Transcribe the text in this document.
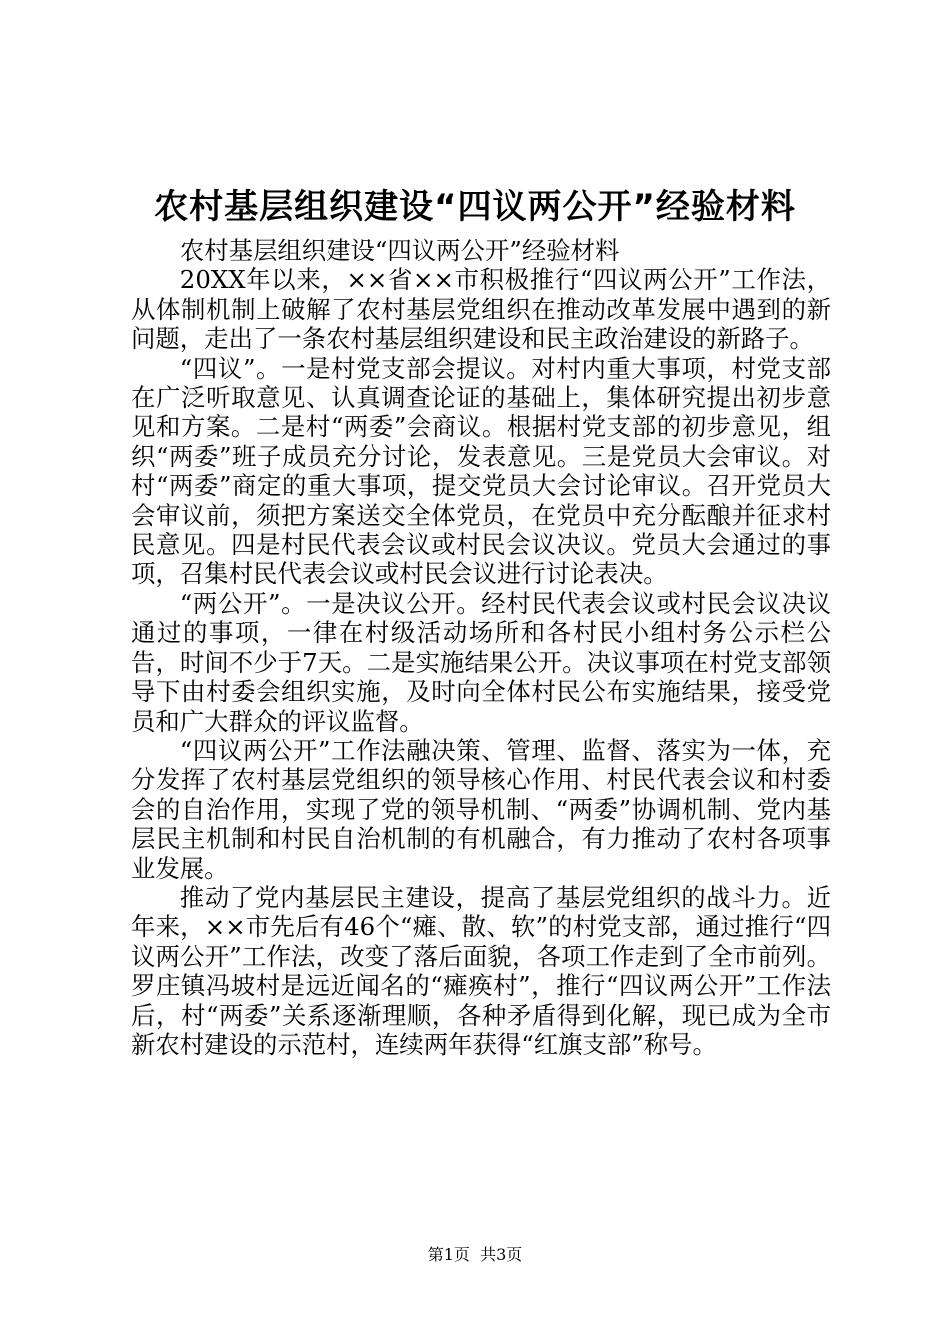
农村基层组织建设“四议两公开”经验材料

农村基层组织建设“四议两公开”经验材料

20XX年以来，××省××市积极推行“四议两公开”工作法，从体制机制上破解了农村基层党组织在推动改革发展中遇到的新问题，走出了一条农村基层组织建设和民主政治建设的新路子。

“四议”。一是村党支部会提议。对村内重大事项，村党支部在广泛听取意见、认真调查论证的基础上，集体研究提出初步意见和方案。二是村“两委”会商议。根据村党支部的初步意见，组织“两委”班子成员充分讨论，发表意见。三是党员大会审议。对村“两委”商定的重大事项，提交党员大会讨论审议。召开党员大会审议前，须把方案送交全体党员，在党员中充分酝酿并征求村民意见。四是村民代表会议或村民会议决议。党员大会通过的事项，召集村民代表会议或村民会议进行讨论表决。

“两公开”。一是决议公开。经村民代表会议或村民会议决议通过的事项，一律在村级活动场所和各村民小组村务公示栏公告，时间不少于7天。二是实施结果公开。决议事项在村党支部领导下由村委会组织实施，及时向全体村民公布实施结果，接受党员和广大群众的评议监督。

“四议两公开”工作法融决策、管理、监督、落实为一体，充分发挥了农村基层党组织的领导核心作用、村民代表会议和村委会的自治作用，实现了党的领导机制、“两委”协调机制、党内基层民主机制和村民自治机制的有机融合，有力推动了农村各项事业发展。

推动了党内基层民主建设，提高了基层党组织的战斗力。近年来，××市先后有46个“瘫、散、软”的村党支部，通过推行“四议两公开”工作法，改变了落后面貌，各项工作走到了全市前列。罗庄镇冯坡村是远近闻名的“瘫痪村”，推行“四议两公开”工作法后，村“两委”关系逐渐理顺，各种矛盾得到化解，现已成为全市新农村建设的示范村，连续两年获得“红旗支部”称号。

第1页 共3页
